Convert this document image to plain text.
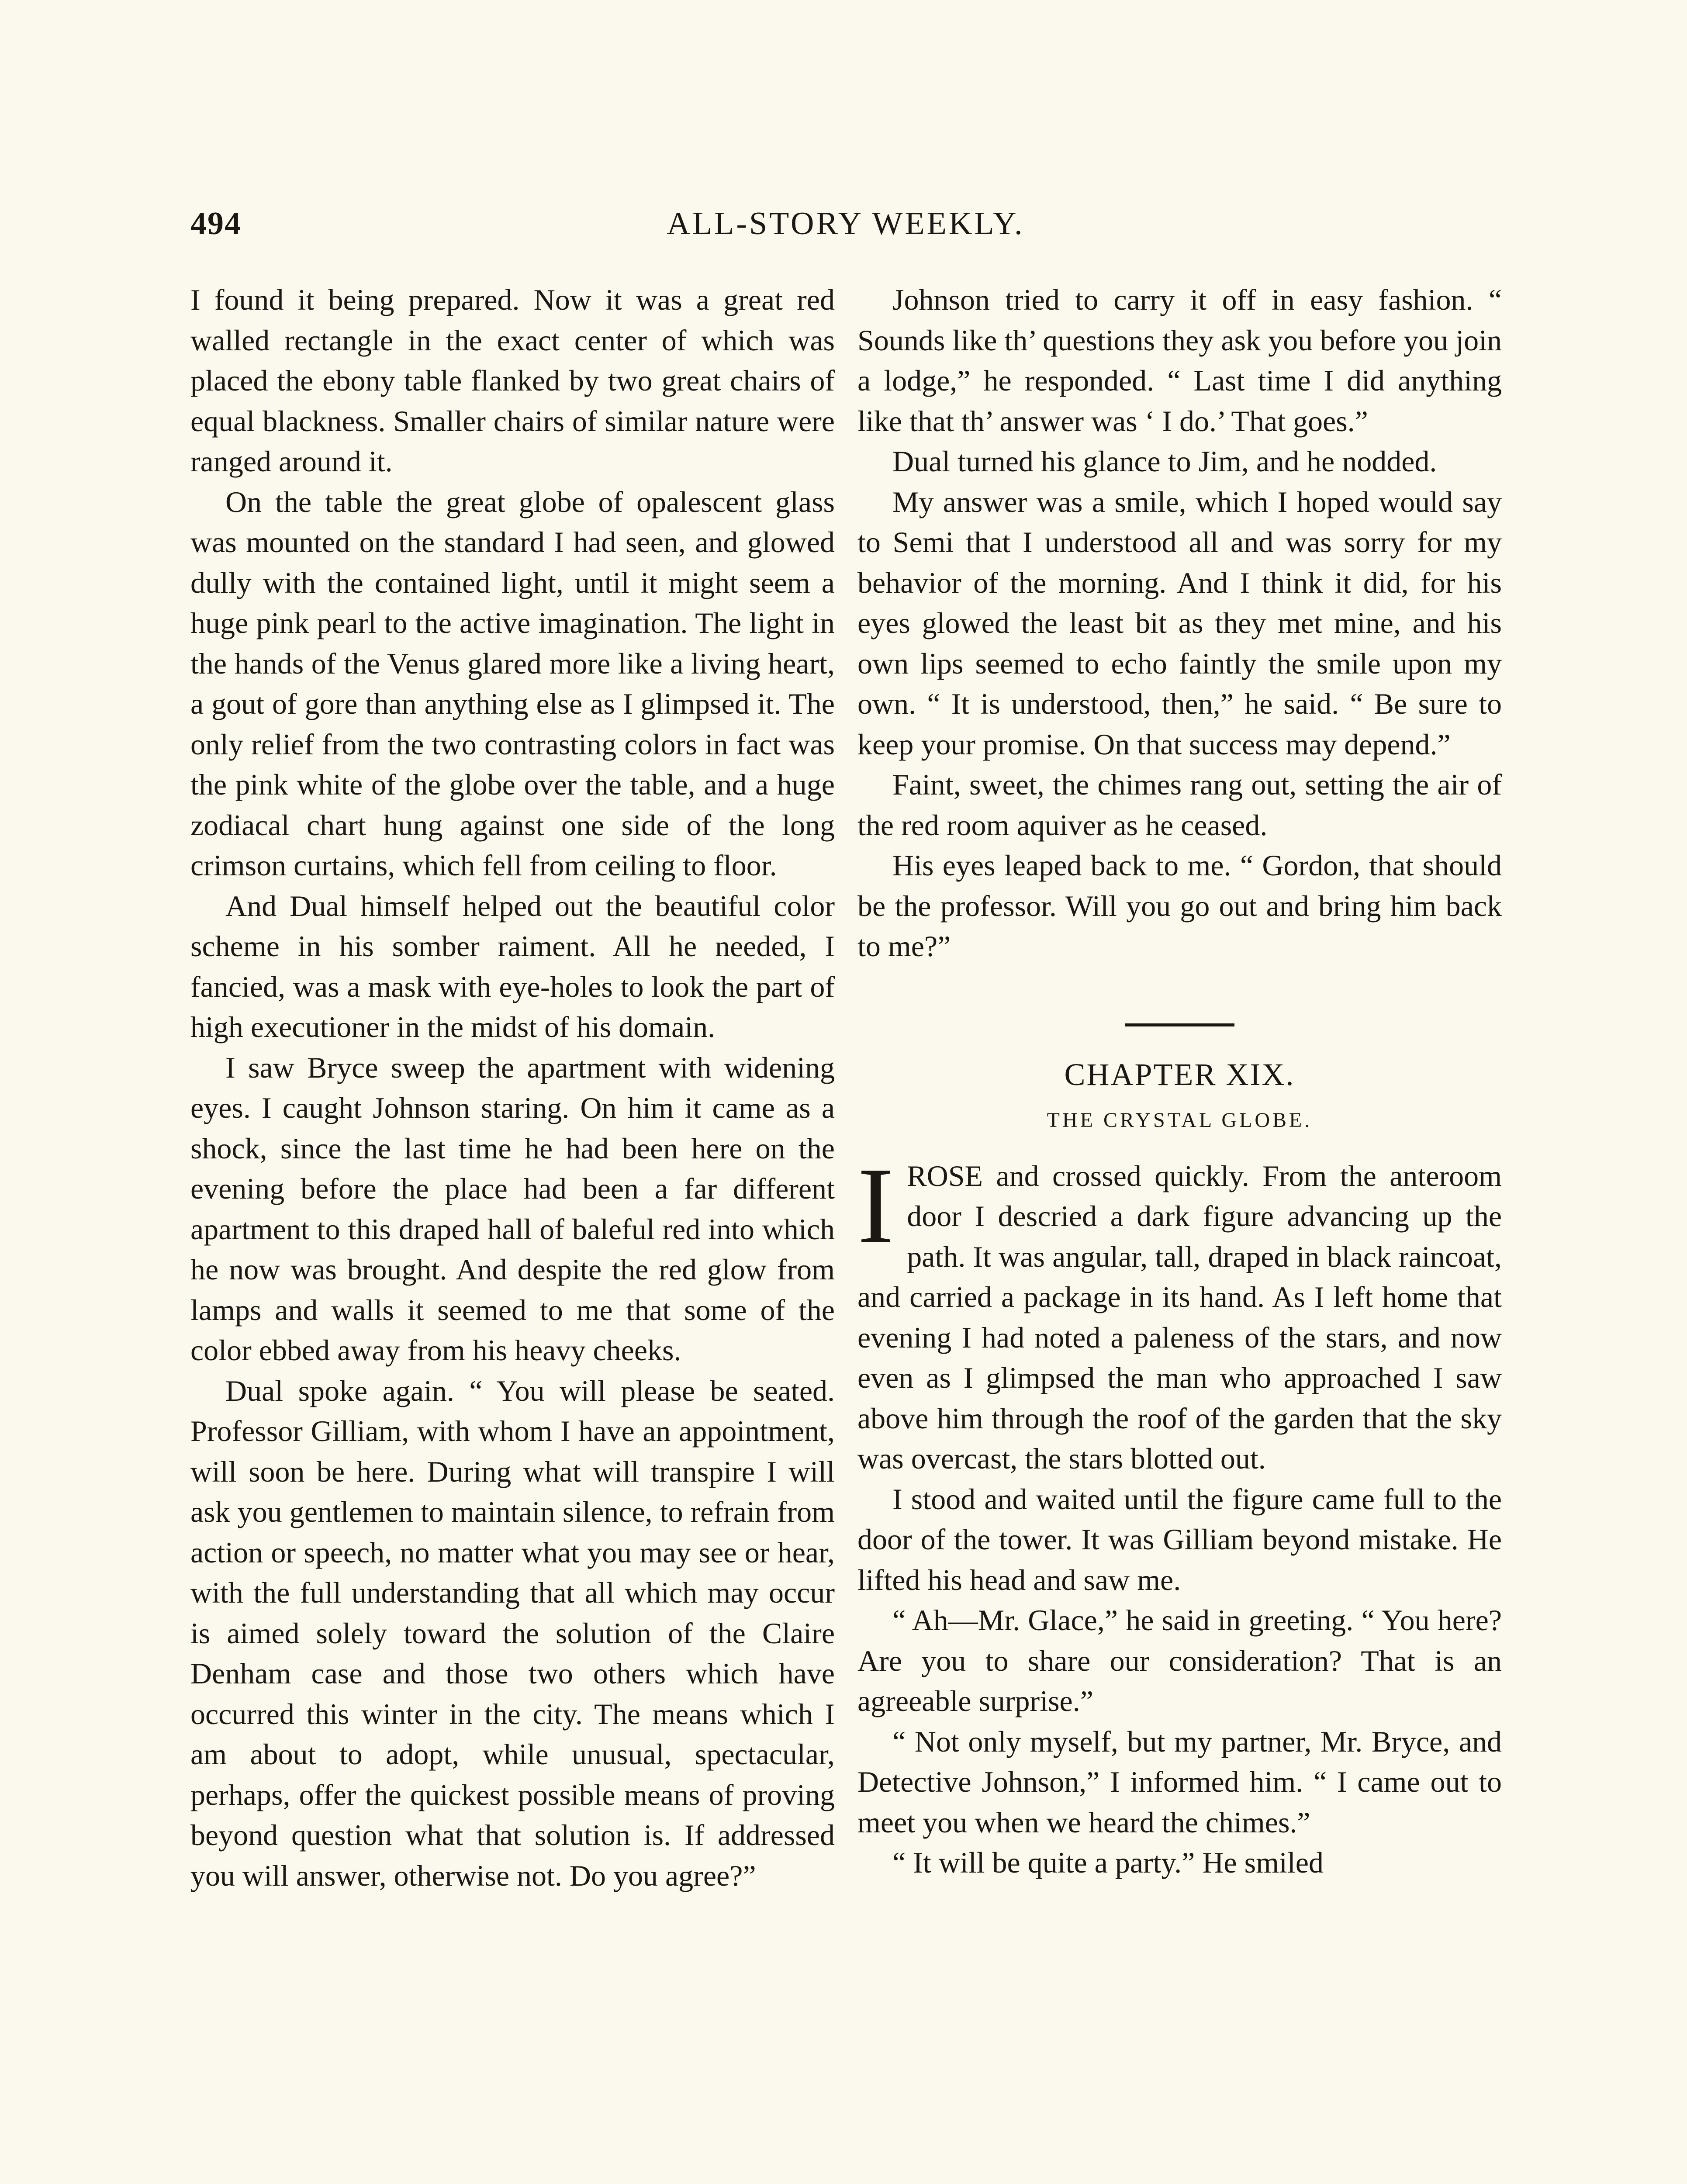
494	ALL-STORY WEEKLY.

I found it being prepared. Now it was a great red walled rectangle in the exact center of which was placed the ebony table flanked by two great chairs of equal blackness. Smaller chairs of similar nature were ranged around it.

On the table the great globe of opalescent glass was mounted on the standard I had seen, and glowed dully with the contained light, until it might seem a huge pink pearl to the active imagination. The light in the hands of the Venus glared more like a living heart, a gout of gore than anything else as I glimpsed it. The only relief from the two contrasting colors in fact was the pink white of the globe over the table, and a huge zodiacal chart hung against one side of the long crimson curtains, which fell from ceiling to floor.

And Dual himself helped out the beautiful color scheme in his somber raiment. All he needed, I fancied, was a mask with eye-holes to look the part of high executioner in the midst of his domain.

I saw Bryce sweep the apartment with widening eyes. I caught Johnson staring. On him it came as a shock, since the last time he had been here on the evening before the place had been a far different apartment to this draped hall of baleful red into which he now was brought. And despite the red glow from lamps and walls it seemed to me that some of the color ebbed away from his heavy cheeks.

Dual spoke again. “ You will please be seated. Professor Gilliam, with whom I have an appointment, will soon be here. During what will transpire I will ask you gentlemen to maintain silence, to refrain from action or speech, no matter what you may see or hear, with the full understanding that all which may occur is aimed solely toward the solution of the Claire Denham case and those two others which have occurred this winter in the city. The means which I am about to adopt, while unusual, spectacular, perhaps, offer the quickest possible means of proving beyond question what that solution is. If addressed you will answer, otherwise not. Do you agree?”

Johnson tried to carry it off in easy fashion. “ Sounds like th’ questions they ask you before you join a lodge,” he responded. “ Last time I did anything like that th’ answer was ‘ I do.’ That goes.”

Dual turned his glance to Jim, and he nodded.

My answer was a smile, which I hoped would say to Semi that I understood all and was sorry for my behavior of the morning. And I think it did, for his eyes glowed the least bit as they met mine, and his own lips seemed to echo faintly the smile upon my own. “ It is understood, then,” he said. “ Be sure to keep your promise. On that success may depend.”

Faint, sweet, the chimes rang out, setting the air of the red room aquiver as he ceased.

His eyes leaped back to me. “ Gordon, that should be the professor. Will you go out and bring him back to me?”

CHAPTER XIX.
THE CRYSTAL GLOBE.

IROSE and crossed quickly. From the anteroom door I descried a dark figure advancing up the path. It was angular, tall, draped in black raincoat, and carried a package in its hand. As I left home that evening I had noted a paleness of the stars, and now even as I glimpsed the man who approached I saw above him through the roof of the garden that the sky was overcast, the stars blotted out.

I stood and waited until the figure came full to the door of the tower. It was Gilliam beyond mistake. He lifted his head and saw me.

“ Ah—Mr. Glace,” he said in greeting. “ You here? Are you to share our consideration? That is an agreeable surprise.”

“ Not only myself, but my partner, Mr. Bryce, and Detective Johnson,” I informed him. “ I came out to meet you when we heard the chimes.”

“ It will be quite a party.” He smiled
